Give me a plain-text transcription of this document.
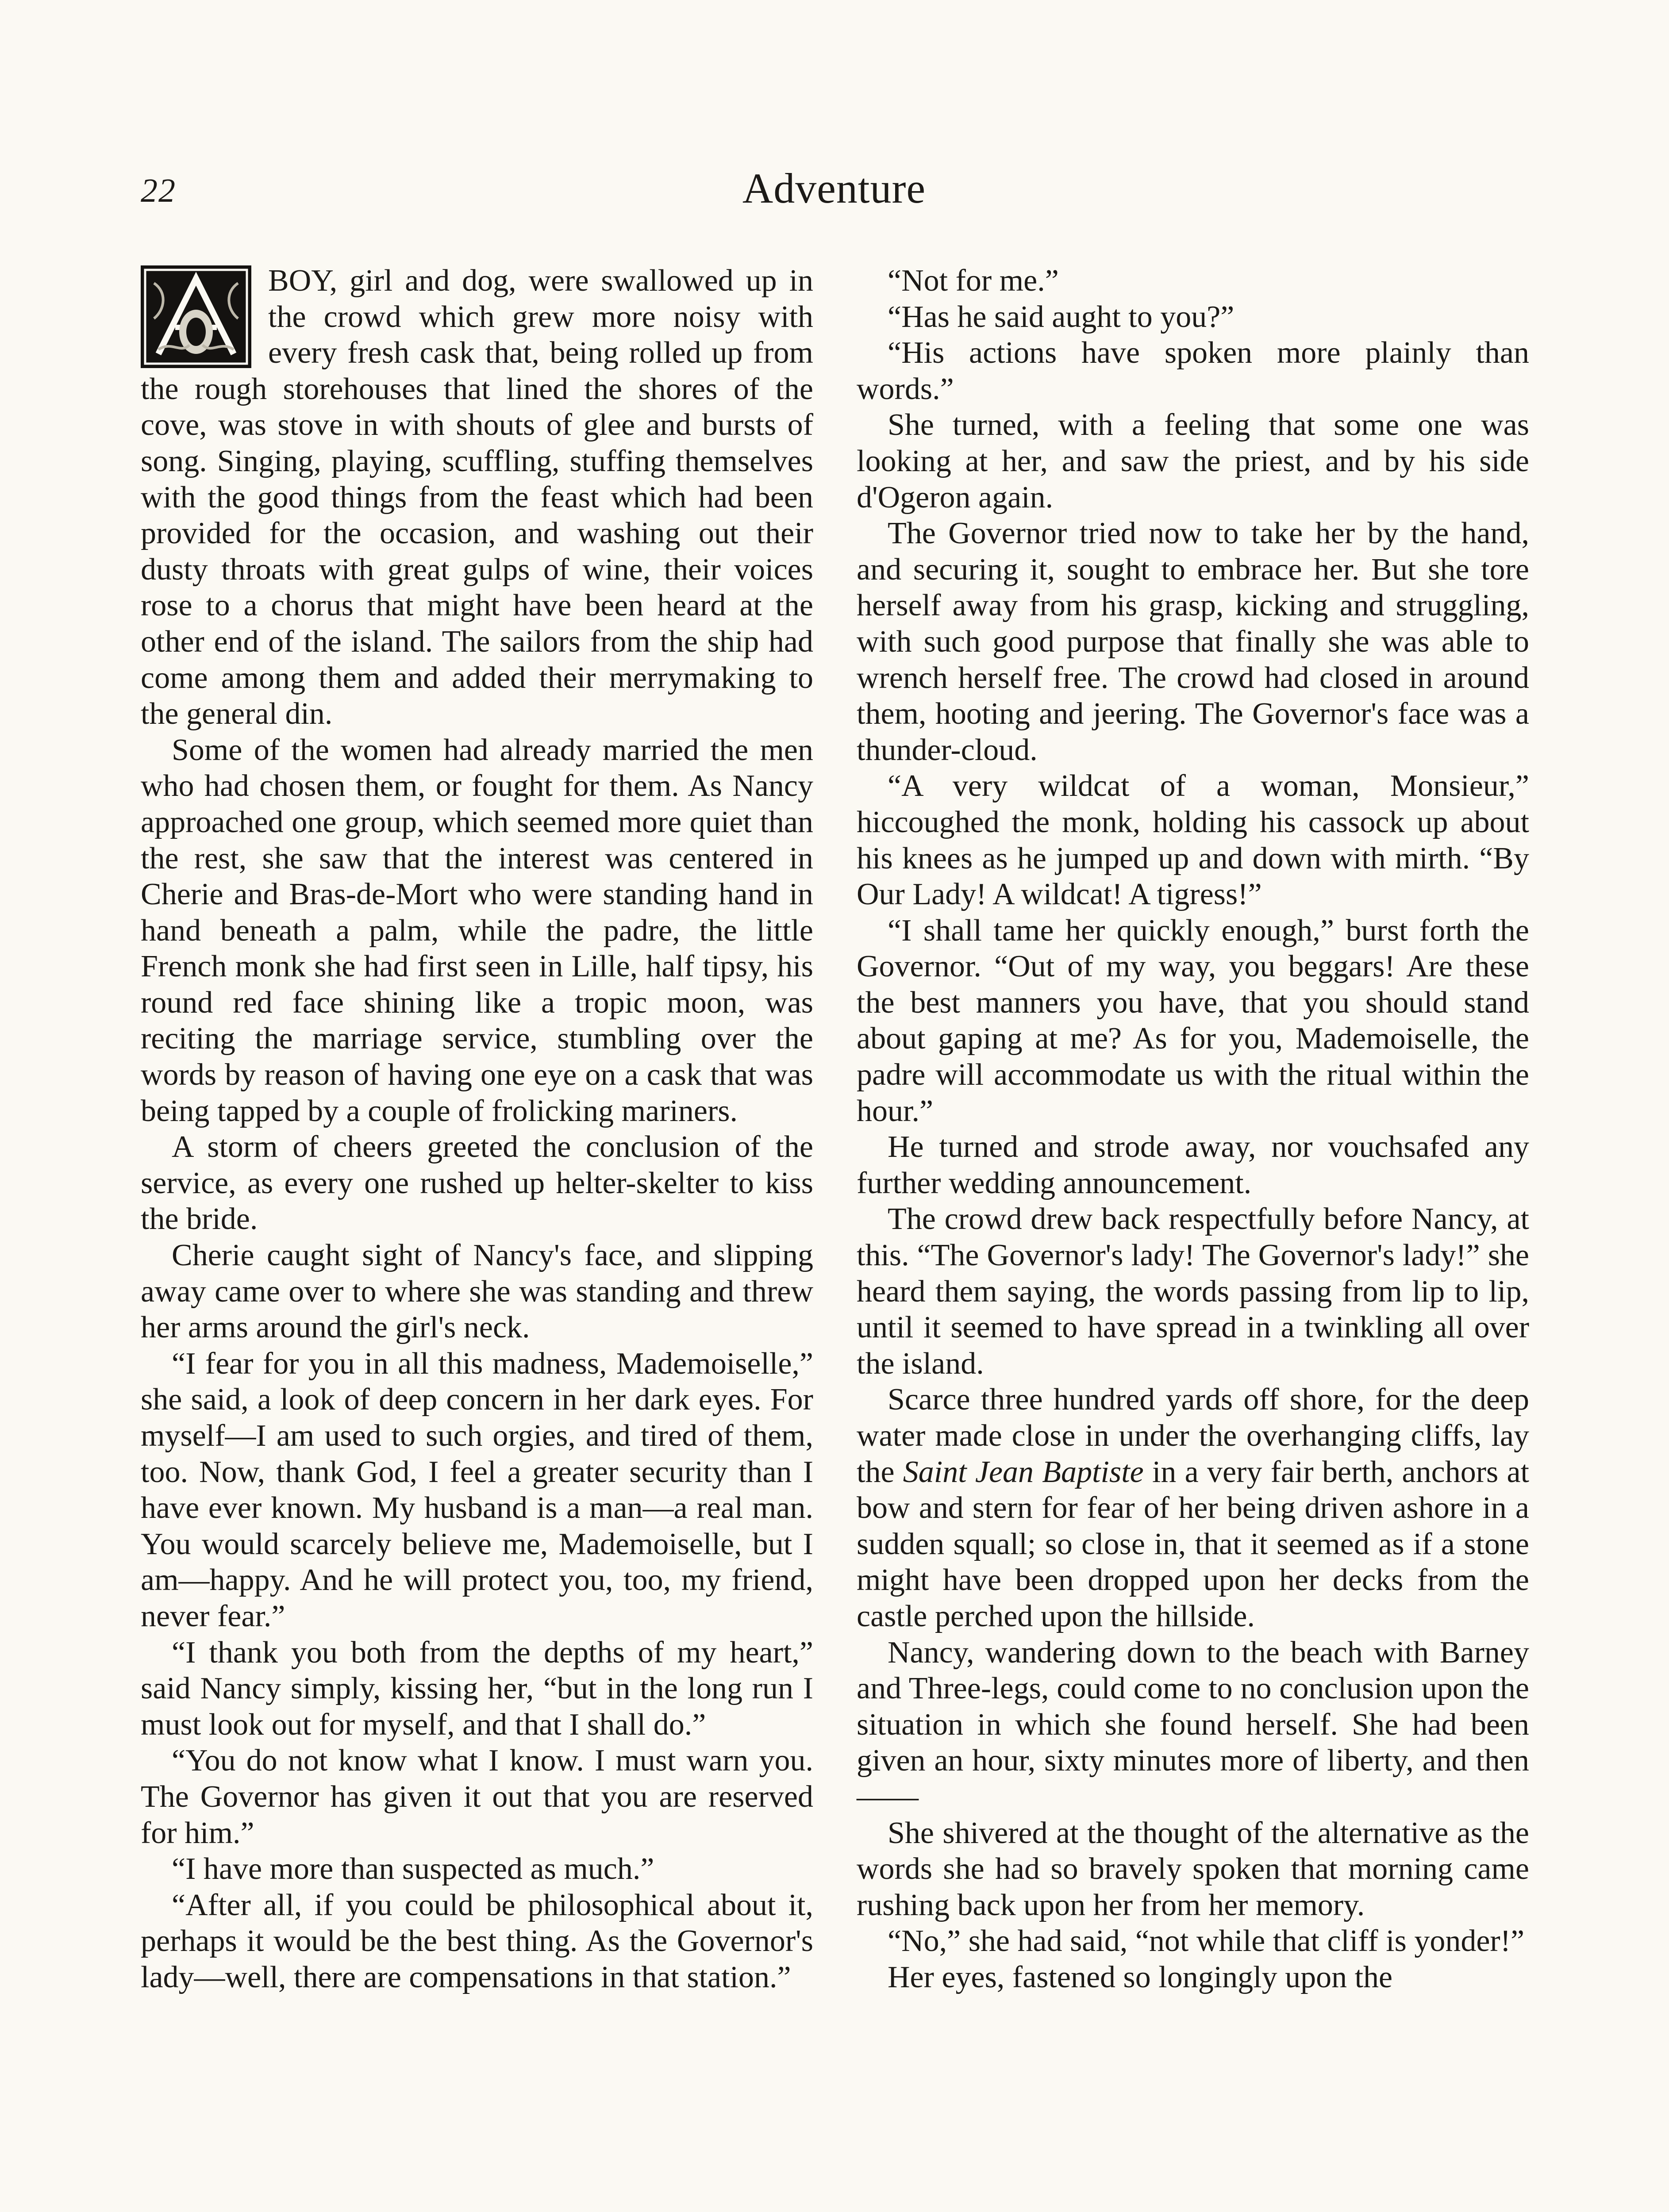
22	Adventure

BOY, girl and dog, were swallowed up in the crowd which grew more noisy with every fresh cask that, being rolled up from the rough storehouses that lined the shores of the cove, was stove in with shouts of glee and bursts of song. Singing, playing, scuffling, stuffing themselves with the good things from the feast which had been provided for the occasion, and washing out their dusty throats with great gulps of wine, their voices rose to a chorus that might have been heard at the other end of the island. The sailors from the ship had come among them and added their merrymaking to the general din.

Some of the women had already married the men who had chosen them, or fought for them. As Nancy approached one group, which seemed more quiet than the rest, she saw that the interest was centered in Cherie and Bras-de-Mort who were standing hand in hand beneath a palm, while the padre, the little French monk she had first seen in Lille, half tipsy, his round red face shining like a tropic moon, was reciting the marriage service, stumbling over the words by reason of having one eye on a cask that was being tapped by a couple of frolicking mariners.

A storm of cheers greeted the conclusion of the service, as every one rushed up helter-skelter to kiss the bride.

Cherie caught sight of Nancy's face, and slipping away came over to where she was standing and threw her arms around the girl's neck.

“I fear for you in all this madness, Mademoiselle,” she said, a look of deep concern in her dark eyes. For myself—I am used to such orgies, and tired of them, too. Now, thank God, I feel a greater security than I have ever known. My husband is a man—a real man. You would scarcely believe me, Mademoiselle, but I am—happy. And he will protect you, too, my friend, never fear.”

“I thank you both from the depths of my heart,” said Nancy simply, kissing her, “but in the long run I must look out for myself, and that I shall do.”

“You do not know what I know. I must warn you. The Governor has given it out that you are reserved for him.”

“I have more than suspected as much.”

“After all, if you could be philosophical about it, perhaps it would be the best thing. As the Governor's lady—well, there are compensations in that station.”

“Not for me.”

“Has he said aught to you?”

“His actions have spoken more plainly than words.”

She turned, with a feeling that some one was looking at her, and saw the priest, and by his side d'Ogeron again.

The Governor tried now to take her by the hand, and securing it, sought to embrace her. But she tore herself away from his grasp, kicking and struggling, with such good purpose that finally she was able to wrench herself free. The crowd had closed in around them, hooting and jeering. The Governor's face was a thunder-cloud.

“A very wildcat of a woman, Monsieur,” hiccoughed the monk, holding his cassock up about his knees as he jumped up and down with mirth. “By Our Lady! A wildcat! A tigress!”

“I shall tame her quickly enough,” burst forth the Governor. “Out of my way, you beggars! Are these the best manners you have, that you should stand about gaping at me? As for you, Mademoiselle, the padre will accommodate us with the ritual within the hour.”

He turned and strode away, nor vouchsafed any further wedding announcement.

The crowd drew back respectfully before Nancy, at this. “The Governor's lady! The Governor's lady!” she heard them saying, the words passing from lip to lip, until it seemed to have spread in a twinkling all over the island.

Scarce three hundred yards off shore, for the deep water made close in under the overhanging cliffs, lay the Saint Jean Baptiste in a very fair berth, anchors at bow and stern for fear of her being driven ashore in a sudden squall; so close in, that it seemed as if a stone might have been dropped upon her decks from the castle perched upon the hillside.

Nancy, wandering down to the beach with Barney and Three-legs, could come to no conclusion upon the situation in which she found herself. She had been given an hour, sixty minutes more of liberty, and then——

She shivered at the thought of the alternative as the words she had so bravely spoken that morning came rushing back upon her from her memory.

“No,” she had said, “not while that cliff is yonder!”

Her eyes, fastened so longingly upon the
